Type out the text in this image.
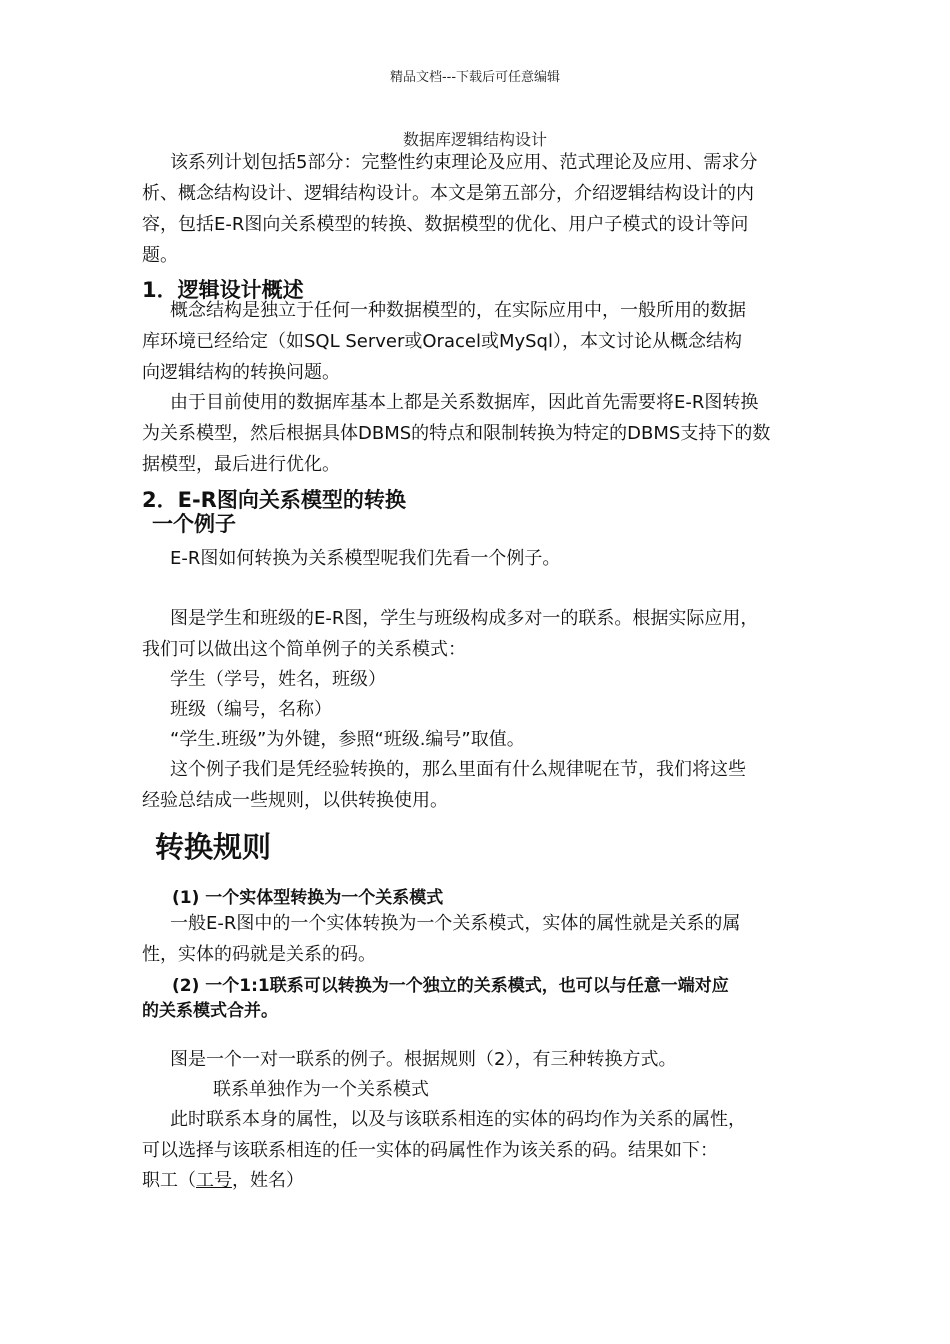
精品文档---下载后可任意编辑
数据库逻辑结构设计
该系列计划包括5部分：完整性约束理论及应用、范式理论及应用、需求分
析、概念结构设计、逻辑结构设计。本文是第五部分，介绍逻辑结构设计的内
容，包括E-R图向关系模型的转换、数据模型的优化、用户子模式的设计等问
题。
1．逻辑设计概述
概念结构是独立于任何一种数据模型的，在实际应用中，一般所用的数据
库环境已经给定（如SQL Server或Oracel或MySql），本文讨论从概念结构
向逻辑结构的转换问题。
由于目前使用的数据库基本上都是关系数据库，因此首先需要将E-R图转换
为关系模型，然后根据具体DBMS的特点和限制转换为特定的DBMS支持下的数
据模型，最后进行优化。
2．E-R图向关系模型的转换
一个例子
E-R图如何转换为关系模型呢我们先看一个例子。
图是学生和班级的E-R图，学生与班级构成多对一的联系。根据实际应用，
我们可以做出这个简单例子的关系模式：
学生（学号，姓名，班级）
班级（编号，名称）
“学生.班级”为外键，参照“班级.编号”取值。
这个例子我们是凭经验转换的，那么里面有什么规律呢在节，我们将这些
经验总结成一些规则，以供转换使用。
转换规则
(1) 一个实体型转换为一个关系模式
一般E-R图中的一个实体转换为一个关系模式，实体的属性就是关系的属
性，实体的码就是关系的码。
(2) 一个1:1联系可以转换为一个独立的关系模式，也可以与任意一端对应
的关系模式合并。
图是一个一对一联系的例子。根据规则（2），有三种转换方式。
联系单独作为一个关系模式
此时联系本身的属性，以及与该联系相连的实体的码均作为关系的属性，
可以选择与该联系相连的任一实体的码属性作为该关系的码。结果如下：
职工（工号，姓名）
